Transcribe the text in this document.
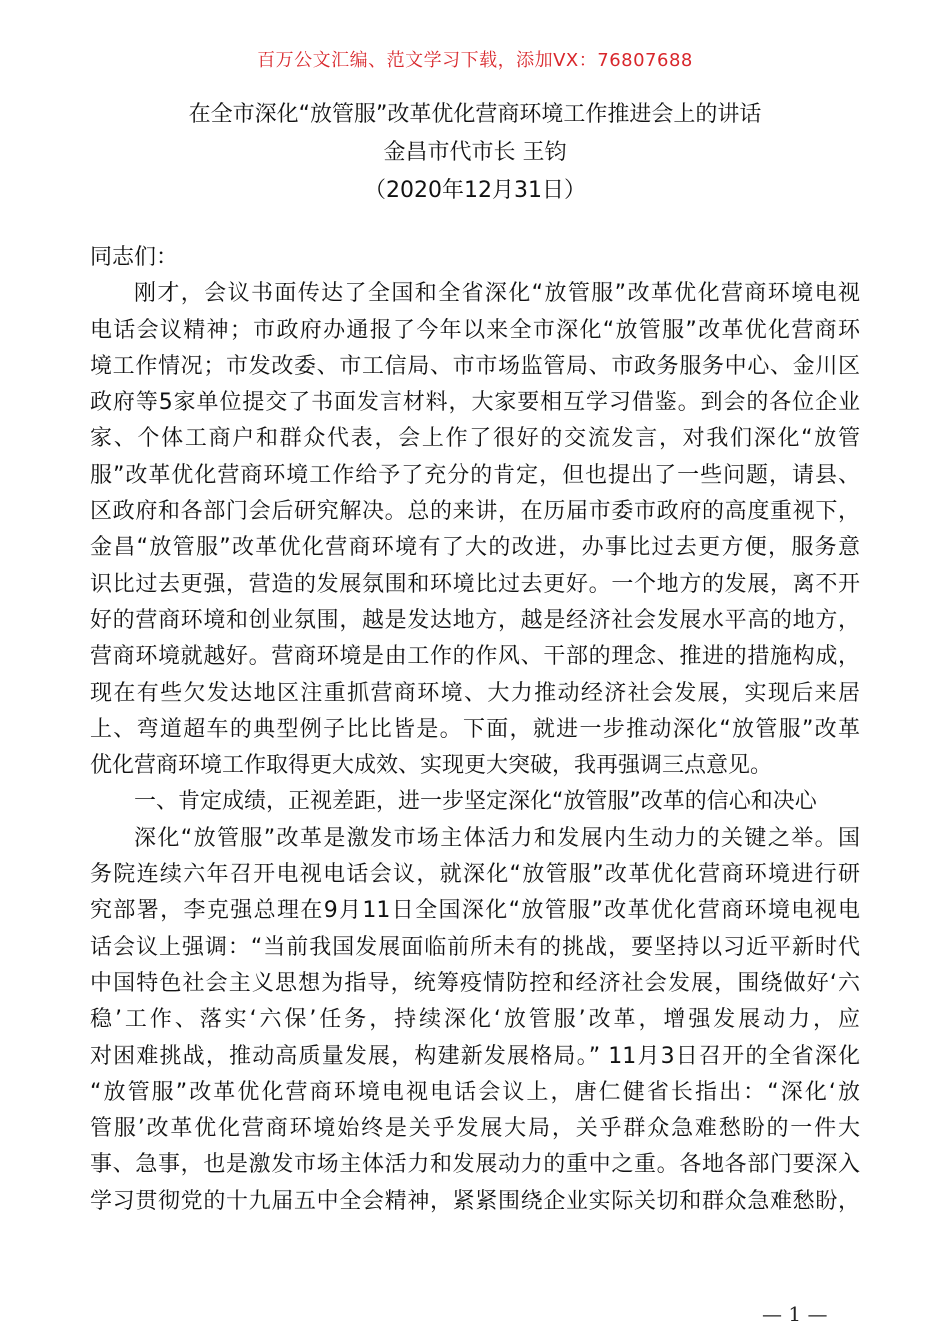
百万公文汇编、范文学习下载，添加VX：76807688
在全市深化“放管服”改革优化营商环境工作推进会上的讲话
金昌市代市长 王钧
（2020年12月31日）
同志们：
刚才，会议书面传达了全国和全省深化“放管服”改革优化营商环境电视
电话会议精神；市政府办通报了今年以来全市深化“放管服”改革优化营商环
境工作情况；市发改委、市工信局、市市场监管局、市政务服务中心、金川区
政府等5家单位提交了书面发言材料，大家要相互学习借鉴。到会的各位企业
家、个体工商户和群众代表，会上作了很好的交流发言，对我们深化“放管
服”改革优化营商环境工作给予了充分的肯定，但也提出了一些问题，请县、
区政府和各部门会后研究解决。总的来讲，在历届市委市政府的高度重视下，
金昌“放管服”改革优化营商环境有了大的改进，办事比过去更方便，服务意
识比过去更强，营造的发展氛围和环境比过去更好。一个地方的发展，离不开
好的营商环境和创业氛围，越是发达地方，越是经济社会发展水平高的地方，
营商环境就越好。营商环境是由工作的作风、干部的理念、推进的措施构成，
现在有些欠发达地区注重抓营商环境、大力推动经济社会发展，实现后来居
上、弯道超车的典型例子比比皆是。下面，就进一步推动深化“放管服”改革
优化营商环境工作取得更大成效、实现更大突破，我再强调三点意见。
一、肯定成绩，正视差距，进一步坚定深化“放管服”改革的信心和决心
深化“放管服”改革是激发市场主体活力和发展内生动力的关键之举。国
务院连续六年召开电视电话会议，就深化“放管服”改革优化营商环境进行研
究部署，李克强总理在9月11日全国深化“放管服”改革优化营商环境电视电
话会议上强调：“当前我国发展面临前所未有的挑战，要坚持以习近平新时代
中国特色社会主义思想为指导，统筹疫情防控和经济社会发展，围绕做好‘六
稳’工作、落实‘六保’任务，持续深化‘放管服’改革，增强发展动力，应
对困难挑战，推动高质量发展，构建新发展格局。” 11月3日召开的全省深化
“放管服”改革优化营商环境电视电话会议上，唐仁健省长指出：“深化‘放
管服’改革优化营商环境始终是关乎发展大局，关乎群众急难愁盼的一件大
事、急事，也是激发市场主体活力和发展动力的重中之重。各地各部门要深入
学习贯彻党的十九届五中全会精神，紧紧围绕企业实际关切和群众急难愁盼，
— 1 —
